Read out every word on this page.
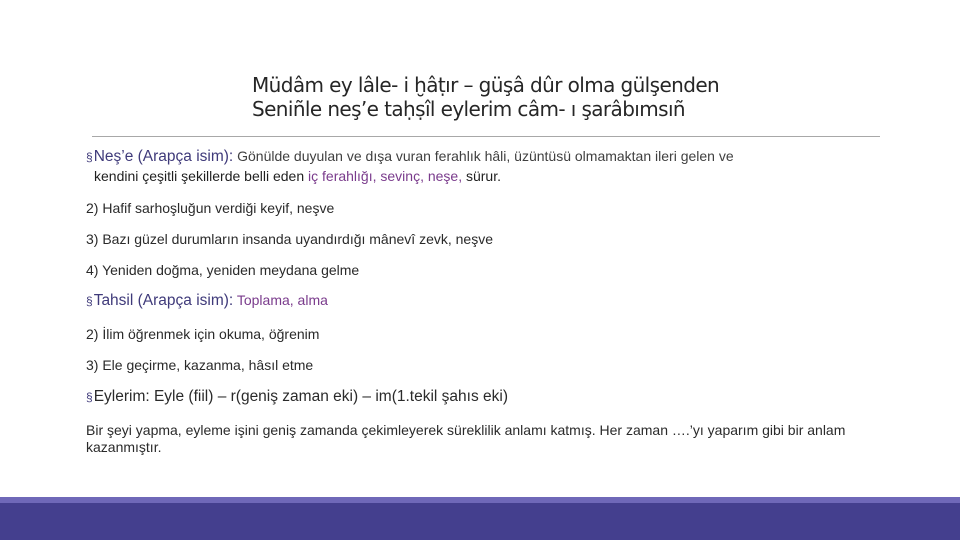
Müdâm ey lâle- i ḫâṭır – güşâ dûr olma gülşenden
Seniñle neş’e taḥṣîl eylerim câm- ı şarâbımsıñ
§Neş’e (Arapça isim): Gönülde duyulan ve dışa vuran ferahlık hâli, üzüntüsü olmamaktan ileri gelen ve
kendini çeşitli şekillerde belli eden iç ferahlığı, sevinç, neşe, sürur.
2) Hafif sarhoşluğun verdiği keyif, neşve
3) Bazı güzel durumların insanda uyandırdığı mânevî zevk, neşve
4) Yeniden doğma, yeniden meydana gelme
§Tahsil (Arapça isim): Toplama, alma
2) İlim öğrenmek için okuma, öğrenim
3) Ele geçirme, kazanma, hâsıl etme
§Eylerim: Eyle (fiil) – r(geniş zaman eki) – im(1.tekil şahıs eki)
Bir şeyi yapma, eyleme işini geniş zamanda çekimleyerek süreklilik anlamı katmış. Her zaman ….’yı yaparım gibi bir anlam kazanmıştır.
